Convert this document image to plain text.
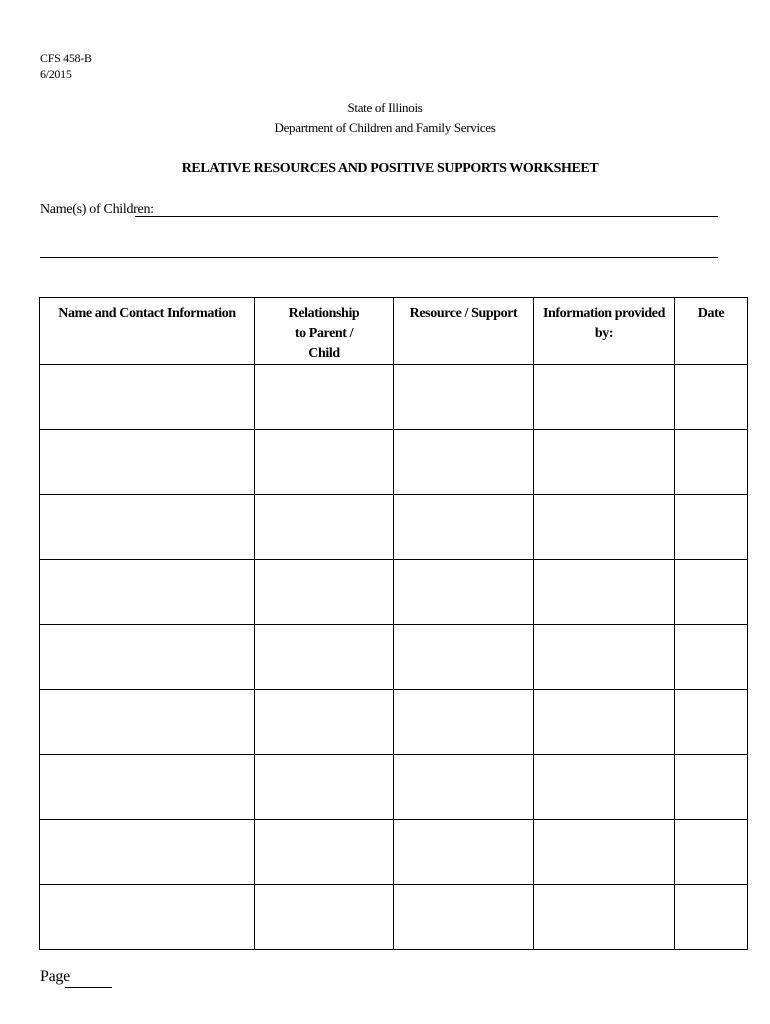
CFS 458-B
6/2015
State of Illinois
Department of Children and Family Services
RELATIVE RESOURCES AND POSITIVE SUPPORTS WORKSHEET
Name(s) of Children:
Name and Contact Information	Relationship to Parent / Child	Resource / Support	Information provided by:	Date

Page
